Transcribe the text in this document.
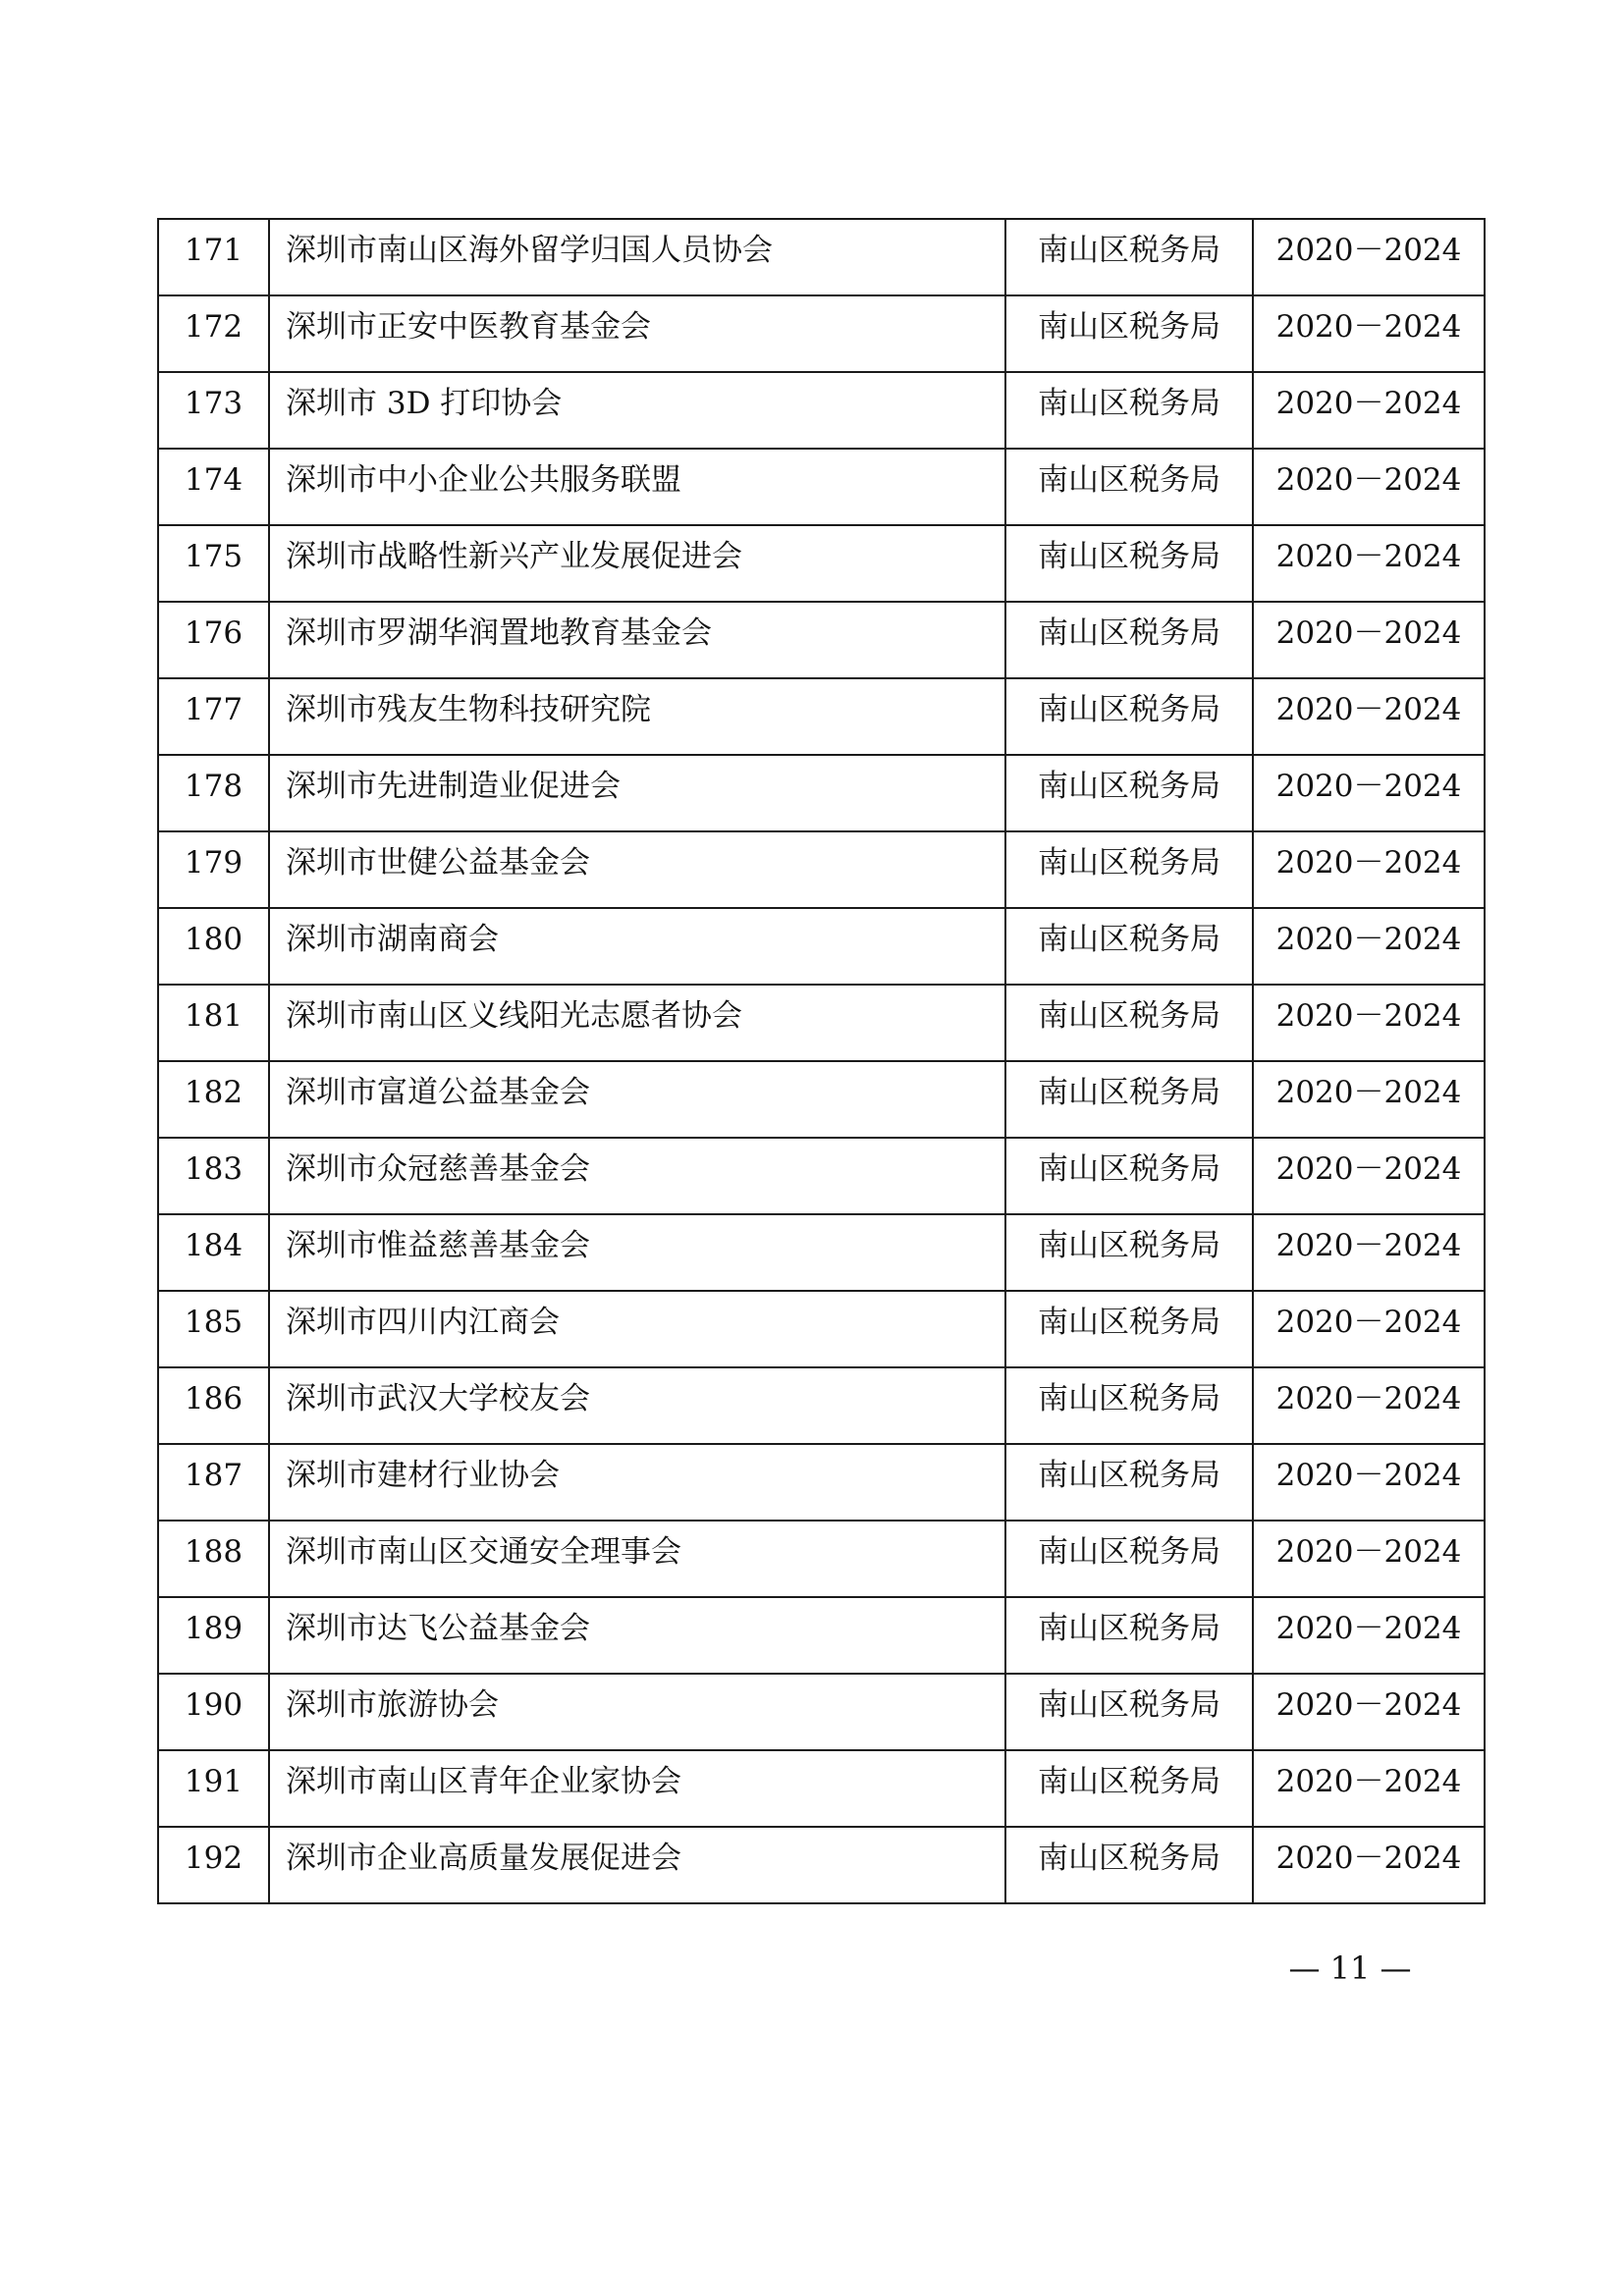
171	深圳市南山区海外留学归国人员协会	南山区税务局	2020－2024

172	深圳市正安中医教育基金会	南山区税务局	2020－2024

173	深圳市 3D 打印协会	南山区税务局	2020－2024

174	深圳市中小企业公共服务联盟	南山区税务局	2020－2024

175	深圳市战略性新兴产业发展促进会	南山区税务局	2020－2024

176	深圳市罗湖华润置地教育基金会	南山区税务局	2020－2024

177	深圳市残友生物科技研究院	南山区税务局	2020－2024

178	深圳市先进制造业促进会	南山区税务局	2020－2024

179	深圳市世健公益基金会	南山区税务局	2020－2024

180	深圳市湖南商会	南山区税务局	2020－2024

181	深圳市南山区义线阳光志愿者协会	南山区税务局	2020－2024

182	深圳市富道公益基金会	南山区税务局	2020－2024

183	深圳市众冠慈善基金会	南山区税务局	2020－2024

184	深圳市惟益慈善基金会	南山区税务局	2020－2024

185	深圳市四川内江商会	南山区税务局	2020－2024

186	深圳市武汉大学校友会	南山区税务局	2020－2024

187	深圳市建材行业协会	南山区税务局	2020－2024

188	深圳市南山区交通安全理事会	南山区税务局	2020－2024

189	深圳市达飞公益基金会	南山区税务局	2020－2024

190	深圳市旅游协会	南山区税务局	2020－2024

191	深圳市南山区青年企业家协会	南山区税务局	2020－2024

192	深圳市企业高质量发展促进会	南山区税务局	2020－2024
— 11 —
